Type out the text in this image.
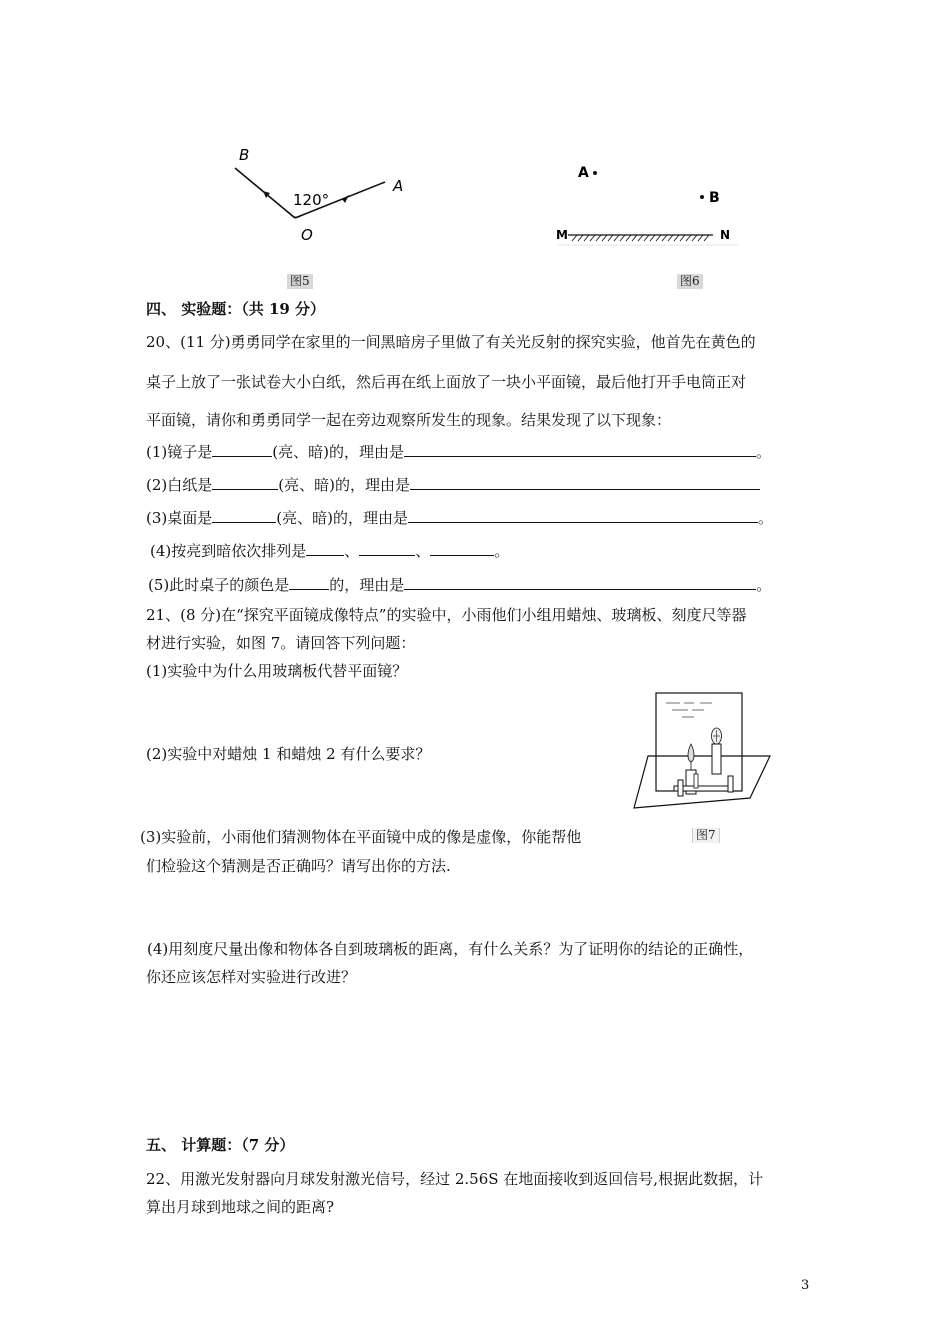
B
A
O
120°
图5
A
B
M	N
图6
四、 实验题：（共 19 分）
20、(11 分)勇勇同学在家里的一间黑暗房子里做了有关光反射的探究实验，他首先在黄色的
桌子上放了一张试卷大小白纸，然后再在纸上面放了一块小平面镜，最后他打开手电筒正对
平面镜，请你和勇勇同学一起在旁边观察所发生的现象。结果发现了以下现象：
(1)镜子是	(亮、暗)的，理由是	。
(2)白纸是	(亮、暗)的，理由是
(3)桌面是	(亮、暗)的，理由是	。
(4)按亮到暗依次排列是	、	、	。
(5)此时桌子的颜色是	的，理由是	。
21、(8 分)在“探究平面镜成像特点”的实验中，小雨他们小组用蜡烛、玻璃板、刻度尺等器
材进行实验，如图 7。请回答下列问题：
(1)实验中为什么用玻璃板代替平面镜？
(2)实验中对蜡烛 1 和蜡烛 2 有什么要求？
(3)实验前，小雨他们猜测物体在平面镜中成的像是虚像，你能帮他
们检验这个猜测是否正确吗？请写出你的方法.
图7
(4)用刻度尺量出像和物体各自到玻璃板的距离，有什么关系？为了证明你的结论的正确性，
你还应该怎样对实验进行改进？
五、 计算题：（7 分）
22、用激光发射器向月球发射激光信号，经过 2.56S 在地面接收到返回信号,根据此数据，计
算出月球到地球之间的距离?
3
